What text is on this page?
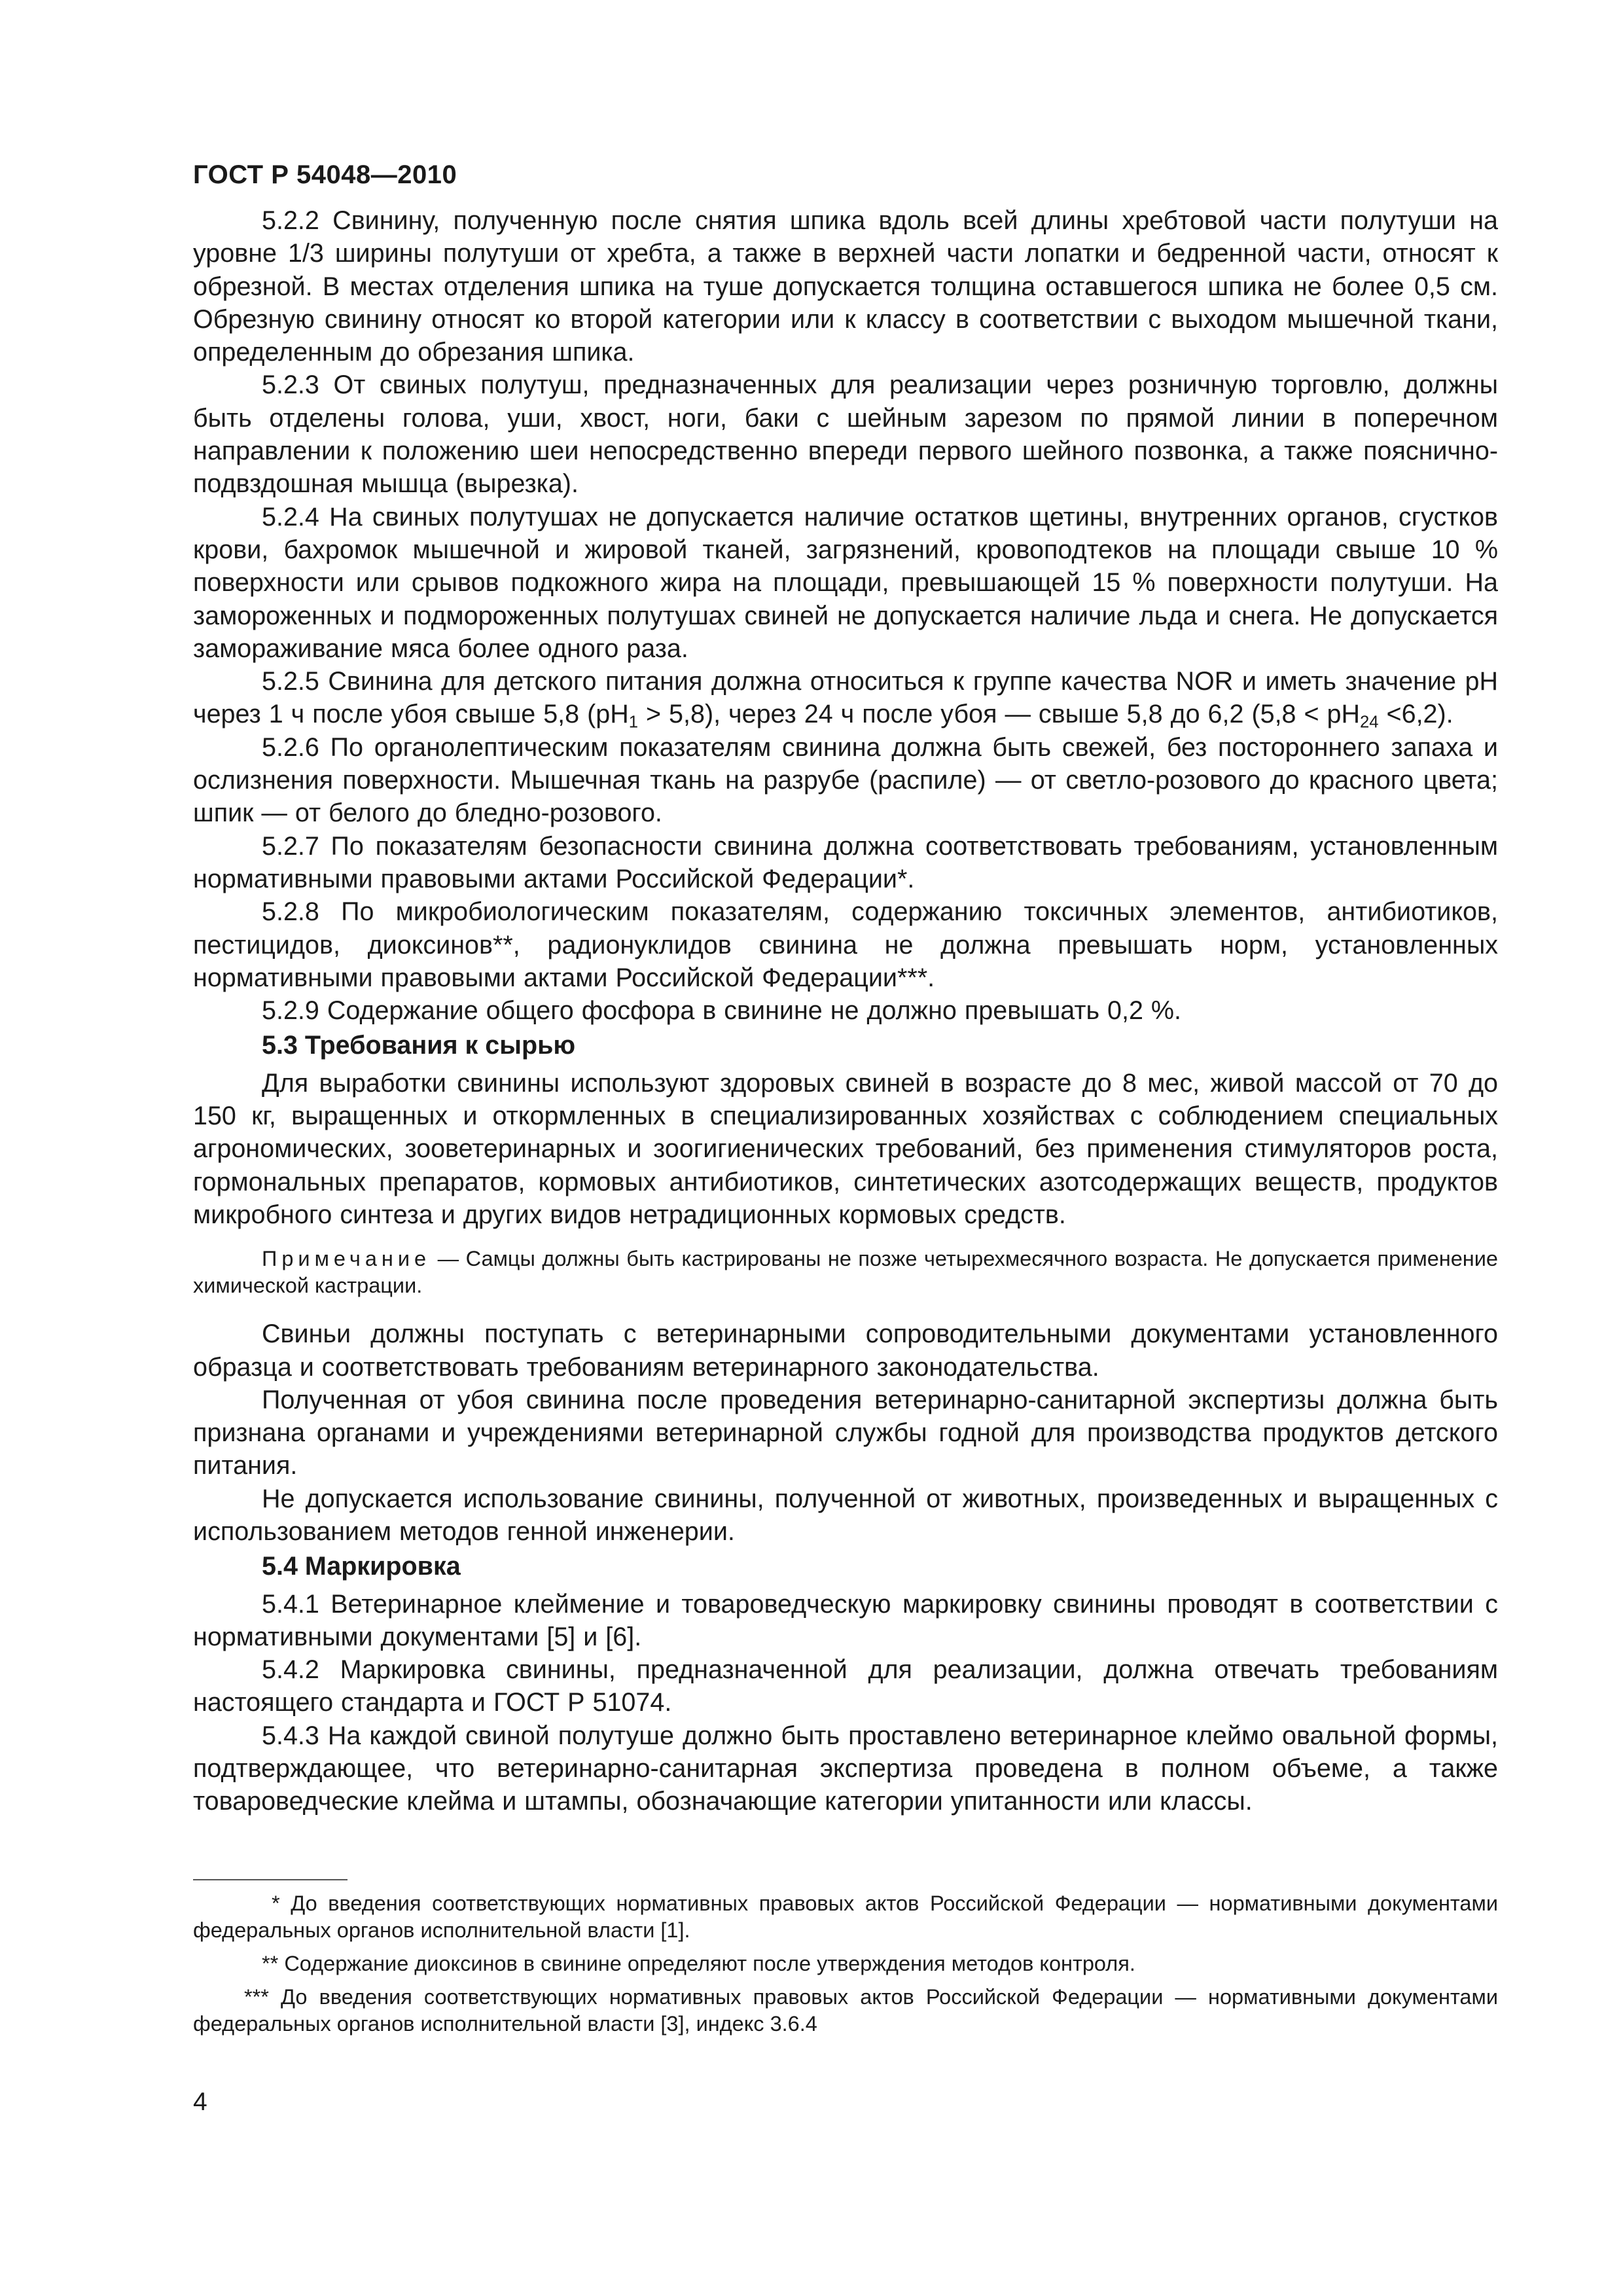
ГОСТ Р 54048—2010

5.2.2 Свинину, полученную после снятия шпика вдоль всей длины хребтовой части полутуши на уровне 1/3 ширины полутуши от хребта, а также в верхней части лопатки и бедренной части, относят к обрезной. В местах отделения шпика на туше допускается толщина оставшегося шпика не более 0,5 см. Обрезную свинину относят ко второй категории или к классу в соответствии с выходом мышечной ткани, определенным до обрезания шпика.

5.2.3 От свиных полутуш, предназначенных для реализации через розничную торговлю, должны быть отделены голова, уши, хвост, ноги, баки с шейным зарезом по прямой линии в поперечном направлении к положению шеи непосредственно впереди первого шейного позвонка, а также пояснично-подвздошная мышца (вырезка).

5.2.4 На свиных полутушах не допускается наличие остатков щетины, внутренних органов, сгустков крови, бахромок мышечной и жировой тканей, загрязнений, кровоподтеков на площади свыше 10 % поверхности или срывов подкожного жира на площади, превышающей 15 % поверхности полутуши. На замороженных и подмороженных полутушах свиней не допускается наличие льда и снега. Не допускается замораживание мяса более одного раза.

5.2.5 Свинина для детского питания должна относиться к группе качества NOR и иметь значение pH через 1 ч после убоя свыше 5,8 $(pH_1 > 5,8)$, через 24 ч после убоя — свыше 5,8 до 6,2 $(5,8 < pH_{24} <6,2)$.

5.2.6 По органолептическим показателям свинина должна быть свежей, без постороннего запаха и ослизнения поверхности. Мышечная ткань на разрубе (распиле) — от светло-розового до красного цвета; шпик — от белого до бледно-розового.

5.2.7 По показателям безопасности свинина должна соответствовать требованиям, установленным нормативными правовыми актами Российской Федерации*.

5.2.8 По микробиологическим показателям, содержанию токсичных элементов, антибиотиков, пестицидов, диоксинов**, радионуклидов свинина не должна превышать норм, установленных нормативными правовыми актами Российской Федерации***.

5.2.9 Содержание общего фосфора в свинине не должно превышать 0,2 %.

5.3 Требования к сырью

Для выработки свинины используют здоровых свиней в возрасте до 8 мес, живой массой от 70 до 150 кг, выращенных и откормленных в специализированных хозяйствах с соблюдением специальных агрономических, зооветеринарных и зоогигиенических требований, без применения стимуляторов роста, гормональных препаратов, кормовых антибиотиков, синтетических азотсодержащих веществ, продуктов микробного синтеза и других видов нетрадиционных кормовых средств.

Примечание — Самцы должны быть кастрированы не позже четырехмесячного возраста. Не допускается применение химической кастрации.

Свиньи должны поступать с ветеринарными сопроводительными документами установленного образца и соответствовать требованиям ветеринарного законодательства.

Полученная от убоя свинина после проведения ветеринарно-санитарной экспертизы должна быть признана органами и учреждениями ветеринарной службы годной для производства продуктов детского питания.

Не допускается использование свинины, полученной от животных, произведенных и выращенных с использованием методов генной инженерии.

5.4 Маркировка

5.4.1 Ветеринарное клеймение и товароведческую маркировку свинины проводят в соответствии с нормативными документами [5] и [6].

5.4.2 Маркировка свинины, предназначенной для реализации, должна отвечать требованиям настоящего стандарта и ГОСТ Р 51074.

5.4.3 На каждой свиной полутуше должно быть проставлено ветеринарное клеймо овальной формы, подтверждающее, что ветеринарно-санитарная экспертиза проведена в полном объеме, а также товароведческие клейма и штампы, обозначающие категории упитанности или классы.

* До введения соответствующих нормативных правовых актов Российской Федерации — нормативными документами федеральных органов исполнительной власти [1].

** Содержание диоксинов в свинине определяют после утверждения методов контроля.

*** До введения соответствующих нормативных правовых актов Российской Федерации — нормативными документами федеральных органов исполнительной власти [3], индекс 3.6.4

4
